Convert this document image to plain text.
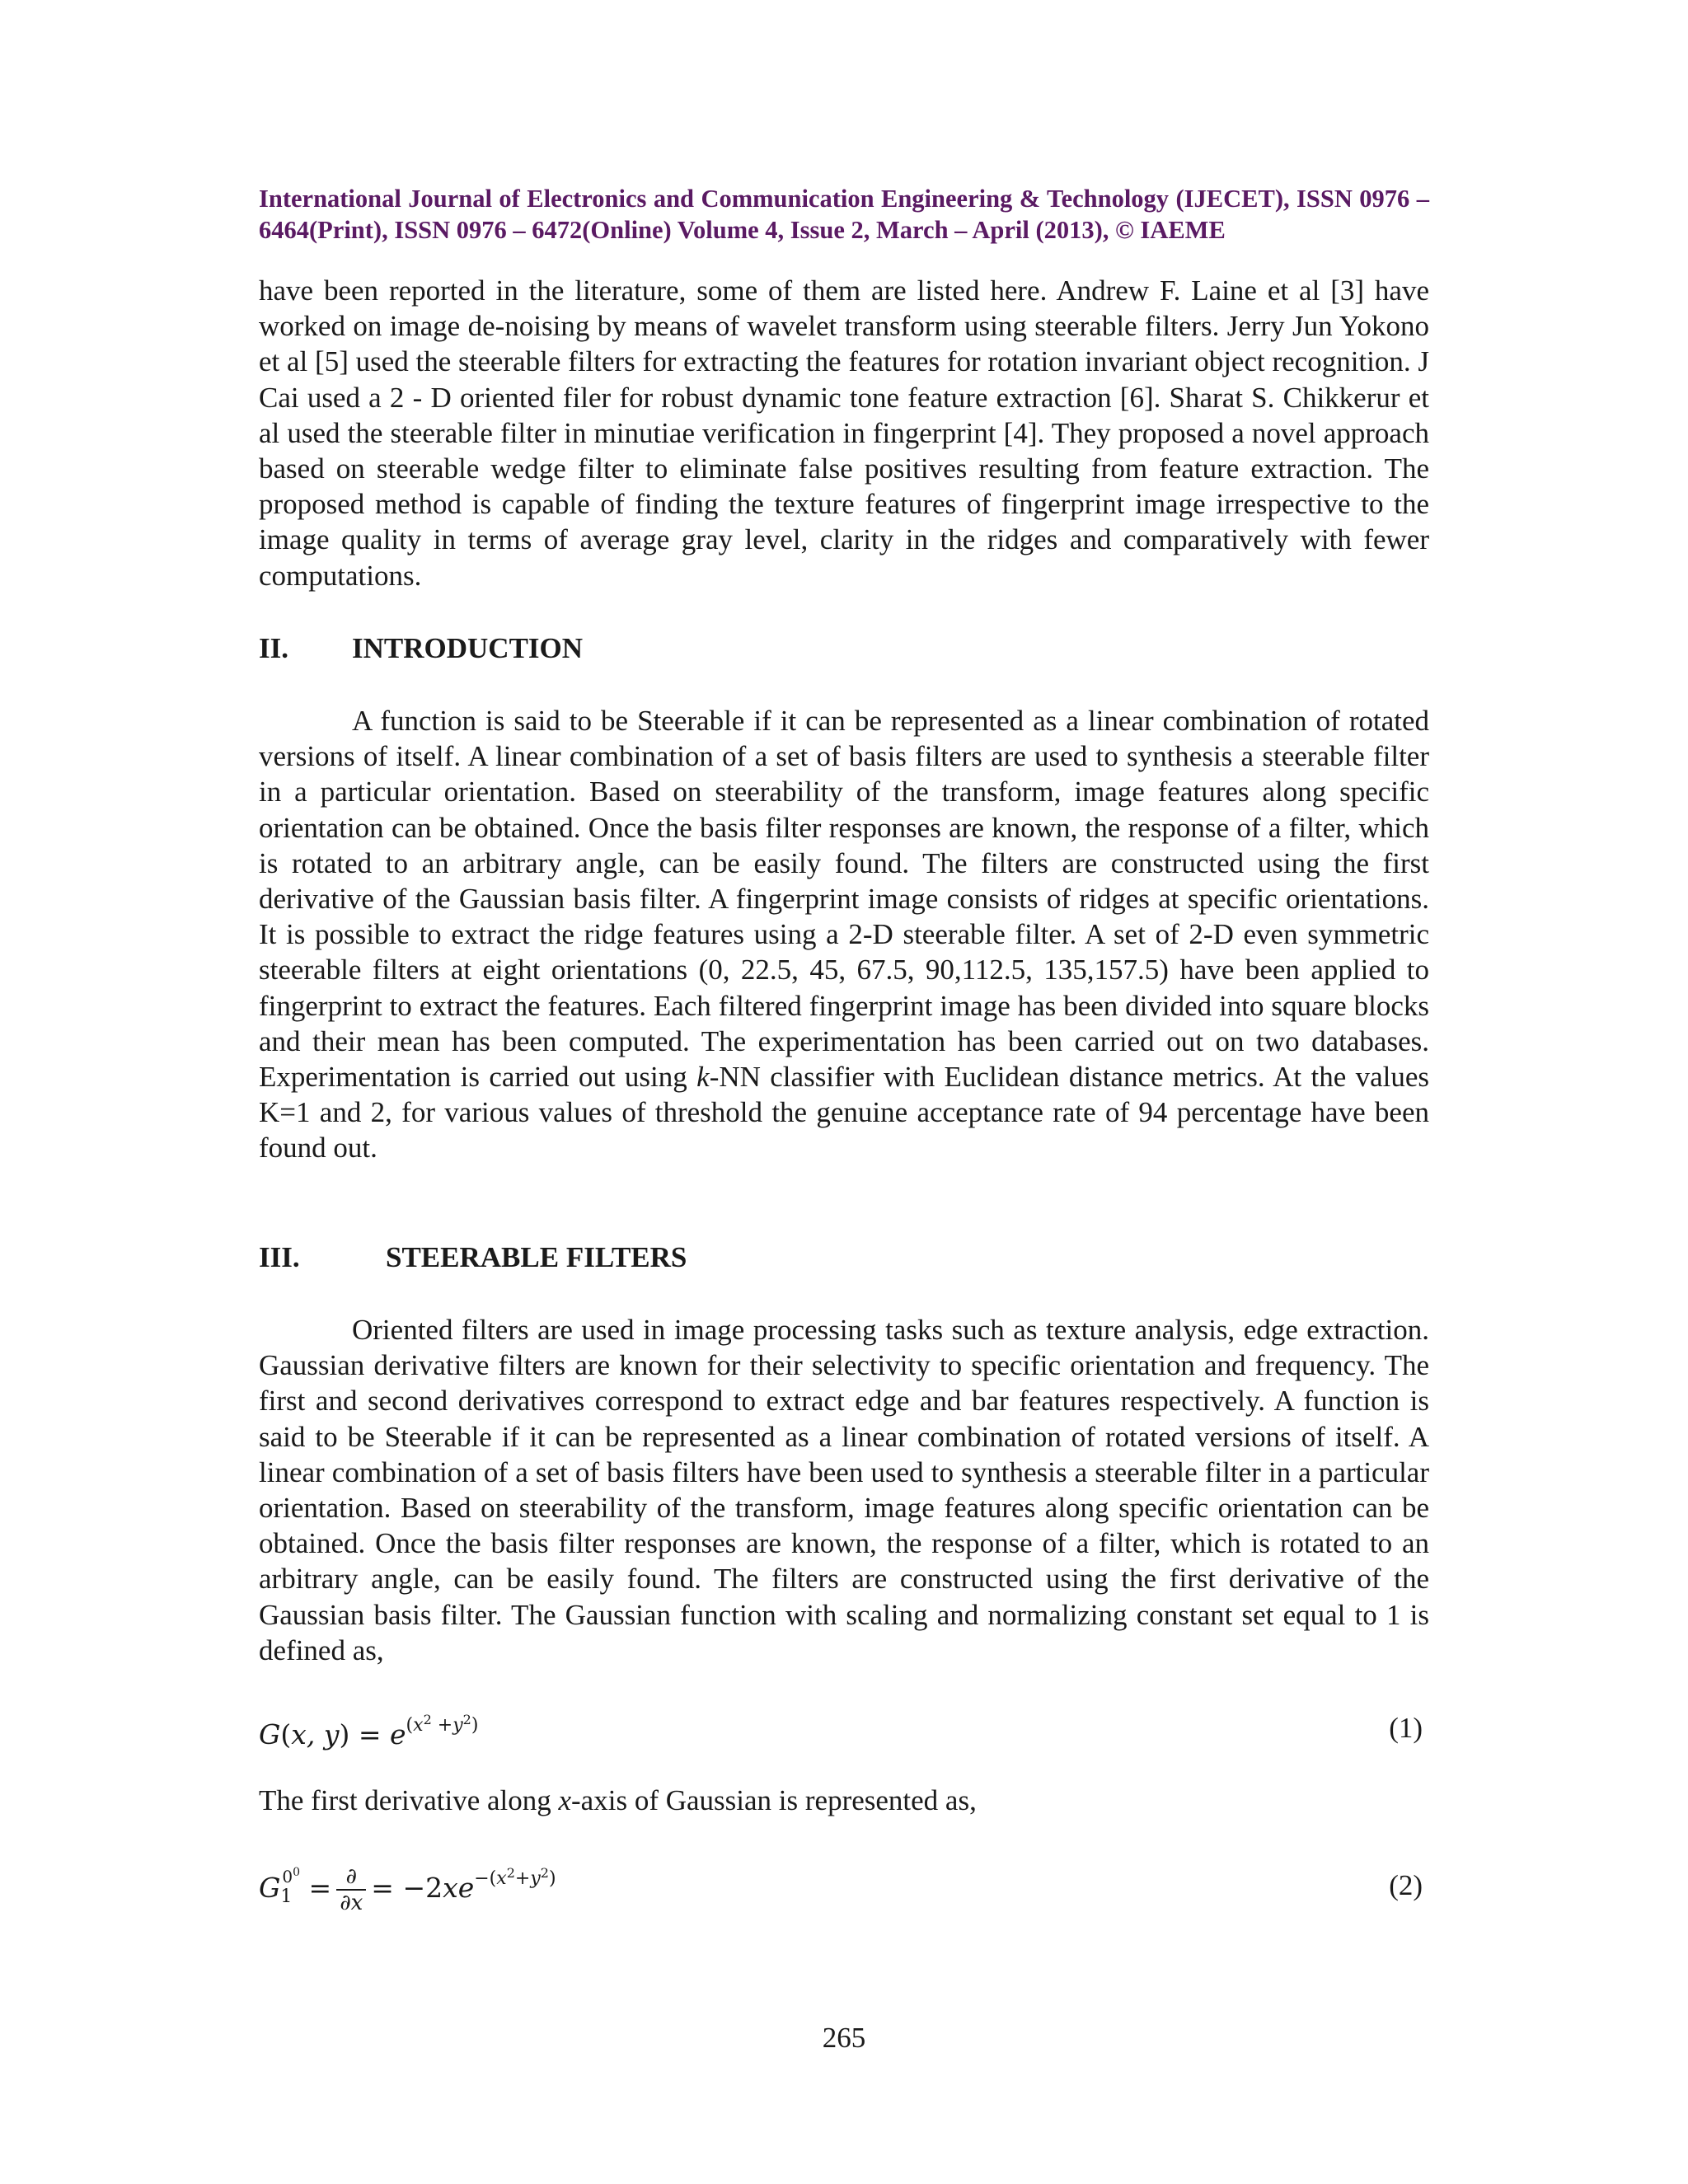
International Journal of Electronics and Communication Engineering & Technology (IJECET), ISSN 0976 – 6464(Print), ISSN 0976 – 6472(Online) Volume 4, Issue 2, March – April (2013), © IAEME

have been reported in the literature, some of them are listed here. Andrew F. Laine et al [3] have worked on image de-noising by means of wavelet transform using steerable filters. Jerry Jun Yokono et al [5] used the steerable filters for extracting the features for rotation invariant object recognition. J Cai used a 2 - D oriented filer for robust dynamic tone feature extraction [6]. Sharat S. Chikkerur et al used the steerable filter in minutiae verification in fingerprint [4]. They proposed a novel approach based on steerable wedge filter to eliminate false positives resulting from feature extraction. The proposed method is capable of finding the texture features of fingerprint image irrespective to the image quality in terms of average gray level, clarity in the ridges and comparatively with fewer computations.

II. INTRODUCTION

A function is said to be Steerable if it can be represented as a linear combination of rotated versions of itself. A linear combination of a set of basis filters are used to synthesis a steerable filter in a particular orientation. Based on steerability of the transform, image features along specific orientation can be obtained. Once the basis filter responses are known, the response of a filter, which is rotated to an arbitrary angle, can be easily found. The filters are constructed using the first derivative of the Gaussian basis filter. A fingerprint image consists of ridges at specific orientations. It is possible to extract the ridge features using a 2-D steerable filter. A set of 2-D even symmetric steerable filters at eight orientations (0, 22.5, 45, 67.5, 90,112.5, 135,157.5) have been applied to fingerprint to extract the features. Each filtered fingerprint image has been divided into square blocks and their mean has been computed. The experimentation has been carried out on two databases. Experimentation is carried out using k-NN classifier with Euclidean distance metrics. At the values K=1 and 2, for various values of threshold the genuine acceptance rate of 94 percentage have been found out.

III.	STEERABLE FILTERS

Oriented filters are used in image processing tasks such as texture analysis, edge extraction. Gaussian derivative filters are known for their selectivity to specific orientation and frequency. The first and second derivatives correspond to extract edge and bar features respectively. A function is said to be Steerable if it can be represented as a linear combination of rotated versions of itself. A linear combination of a set of basis filters have been used to synthesis a steerable filter in a particular orientation. Based on steerability of the transform, image features along specific orientation can be obtained. Once the basis filter responses are known, the response of a filter, which is rotated to an arbitrary angle, can be easily found. The filters are constructed using the first derivative of the Gaussian basis filter. The Gaussian function with scaling and normalizing constant set equal to 1 is defined as,

G(x, $y) = e^{(x^2 +y^2)}$	(1)

The first derivative along x-axis of Gaussian is represented as,

$G_1^{0^0} = \frac{\partial}{\partial x} = -2xe^{-(x^2+y^2)}$	(2)
265
